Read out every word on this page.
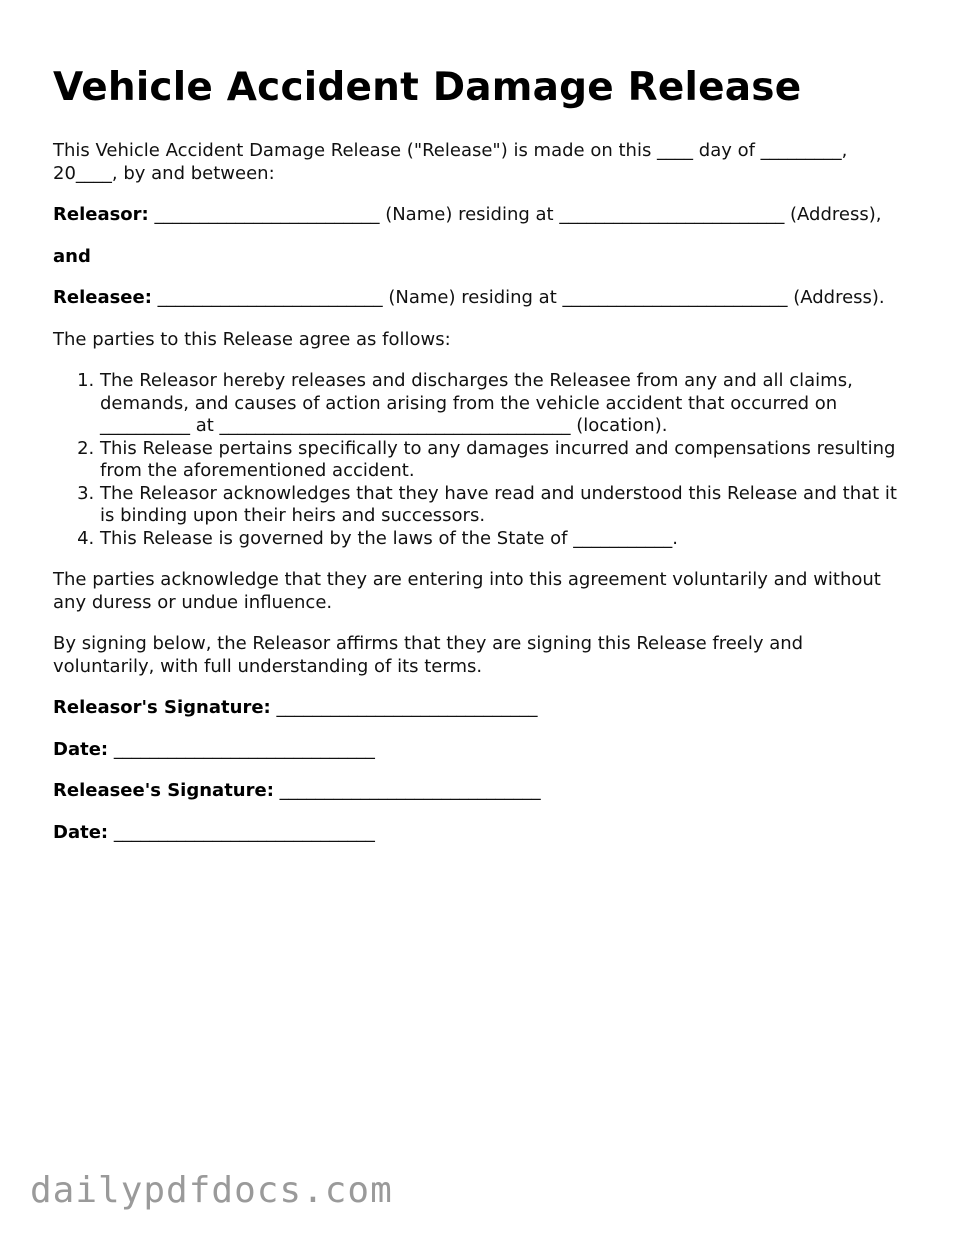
Vehicle Accident Damage Release

This Vehicle Accident Damage Release ("Release") is made on this ____ day of _________, 20____, by and between:

Releasor: _________________________ (Name) residing at _________________________ (Address),

and

Releasee: _________________________ (Name) residing at _________________________ (Address).

The parties to this Release agree as follows:

1. The Releasor hereby releases and discharges the Releasee from any and all claims, demands, and causes of action arising from the vehicle accident that occurred on __________ at _______________________________________ (location).
2. This Release pertains specifically to any damages incurred and compensations resulting from the aforementioned accident.
3. The Releasor acknowledges that they have read and understood this Release and that it is binding upon their heirs and successors.
4. This Release is governed by the laws of the State of ___________.

The parties acknowledge that they are entering into this agreement voluntarily and without any duress or undue influence.

By signing below, the Releasor affirms that they are signing this Release freely and voluntarily, with full understanding of its terms.

Releasor's Signature: _____________________________

Date: _____________________________

Releasee's Signature: _____________________________

Date: _____________________________

dailypdfdocs.com
